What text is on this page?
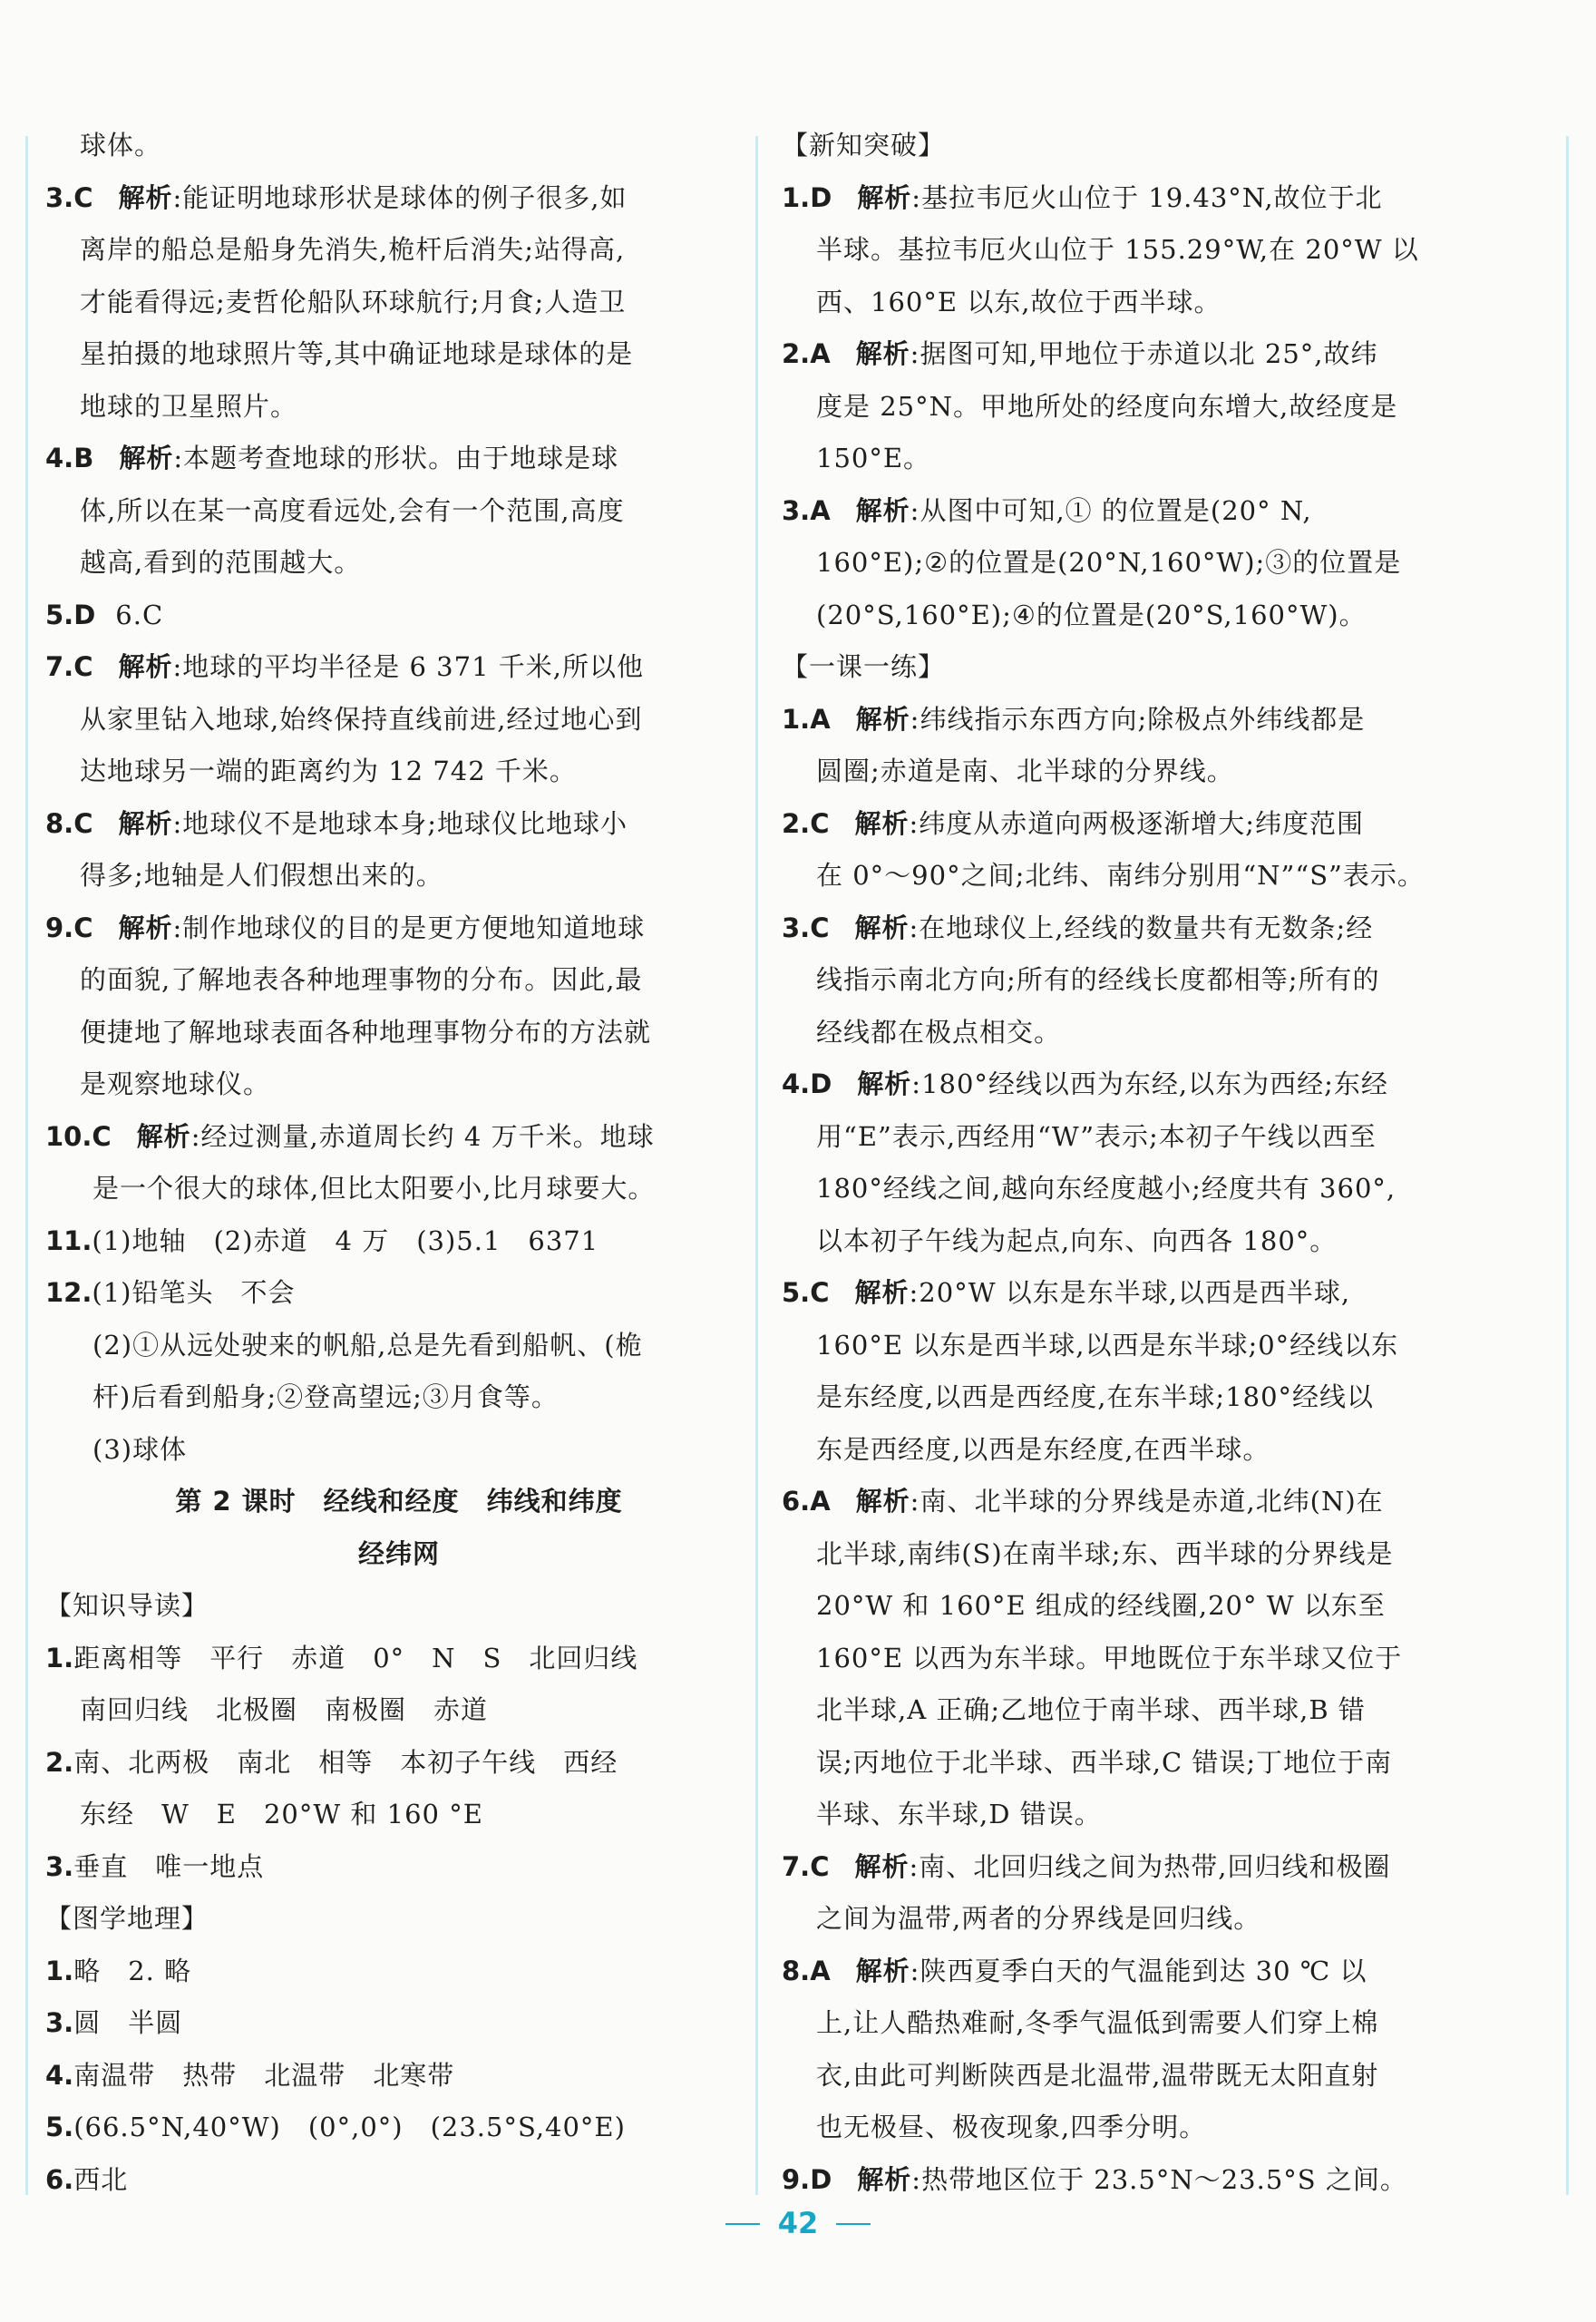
球体。
3.C 解析:能证明地球形状是球体的例子很多,如
离岸的船总是船身先消失,桅杆后消失;站得高,
才能看得远;麦哲伦船队环球航行;月食;人造卫
星拍摄的地球照片等,其中确证地球是球体的是
地球的卫星照片。
4.B 解析:本题考查地球的形状。由于地球是球
体,所以在某一高度看远处,会有一个范围,高度
越高,看到的范围越大。
5.D 6.C
7.C 解析:地球的平均半径是 6 371 千米,所以他
从家里钻入地球,始终保持直线前进,经过地心到
达地球另一端的距离约为 12 742 千米。
8.C 解析:地球仪不是地球本身;地球仪比地球小
得多;地轴是人们假想出来的。
9.C 解析:制作地球仪的目的是更方便地知道地球
的面貌,了解地表各种地理事物的分布。因此,最
便捷地了解地球表面各种地理事物分布的方法就
是观察地球仪。
10.C 解析:经过测量,赤道周长约 4 万千米。地球
是一个很大的球体,但比太阳要小,比月球要大。
11.(1)地轴　(2)赤道　4 万　(3)5.1　6371
12.(1)铅笔头　不会
(2)①从远处驶来的帆船,总是先看到船帆、(桅
杆)后看到船身;②登高望远;③月食等。
(3)球体
第 2 课时　经线和经度　纬线和纬度
经纬网
【知识导读】
1.距离相等　平行　赤道　0°　N　S　北回归线
南回归线　北极圈　南极圈　赤道
2.南、北两极　南北　相等　本初子午线　西经
东经　W　E　20°W 和 160 °E
3.垂直　唯一地点
【图学地理】
1.略　2. 略
3.圆　半圆
4.南温带　热带　北温带　北寒带
5.(66.5°N,40°W)　(0°,0°)　(23.5°S,40°E)
6.西北
【新知突破】
1.D 解析:基拉韦厄火山位于 19.43°N,故位于北
半球。基拉韦厄火山位于 155.29°W,在 20°W 以
西、160°E 以东,故位于西半球。
2.A 解析:据图可知,甲地位于赤道以北 25°,故纬
度是 25°N。甲地所处的经度向东增大,故经度是
150°E。
3.A 解析:从图中可知,① 的位置是(20° N,
160°E);②的位置是(20°N,160°W);③的位置是
(20°S,160°E);④的位置是(20°S,160°W)。
【一课一练】
1.A 解析:纬线指示东西方向;除极点外纬线都是
圆圈;赤道是南、北半球的分界线。
2.C 解析:纬度从赤道向两极逐渐增大;纬度范围
在 0°～90°之间;北纬、南纬分别用“N”“S”表示。
3.C 解析:在地球仪上,经线的数量共有无数条;经
线指示南北方向;所有的经线长度都相等;所有的
经线都在极点相交。
4.D 解析:180°经线以西为东经,以东为西经;东经
用“E”表示,西经用“W”表示;本初子午线以西至
180°经线之间,越向东经度越小;经度共有 360°,
以本初子午线为起点,向东、向西各 180°。
5.C 解析:20°W 以东是东半球,以西是西半球,
160°E 以东是西半球,以西是东半球;0°经线以东
是东经度,以西是西经度,在东半球;180°经线以
东是西经度,以西是东经度,在西半球。
6.A 解析:南、北半球的分界线是赤道,北纬(N)在
北半球,南纬(S)在南半球;东、西半球的分界线是
20°W 和 160°E 组成的经线圈,20° W 以东至
160°E 以西为东半球。甲地既位于东半球又位于
北半球,A 正确;乙地位于南半球、西半球,B 错
误;丙地位于北半球、西半球,C 错误;丁地位于南
半球、东半球,D 错误。
7.C 解析:南、北回归线之间为热带,回归线和极圈
之间为温带,两者的分界线是回归线。
8.A 解析:陕西夏季白天的气温能到达 30 ℃ 以
上,让人酷热难耐,冬季气温低到需要人们穿上棉
衣,由此可判断陕西是北温带,温带既无太阳直射
也无极昼、极夜现象,四季分明。
9.D 解析:热带地区位于 23.5°N～23.5°S 之间。
42
